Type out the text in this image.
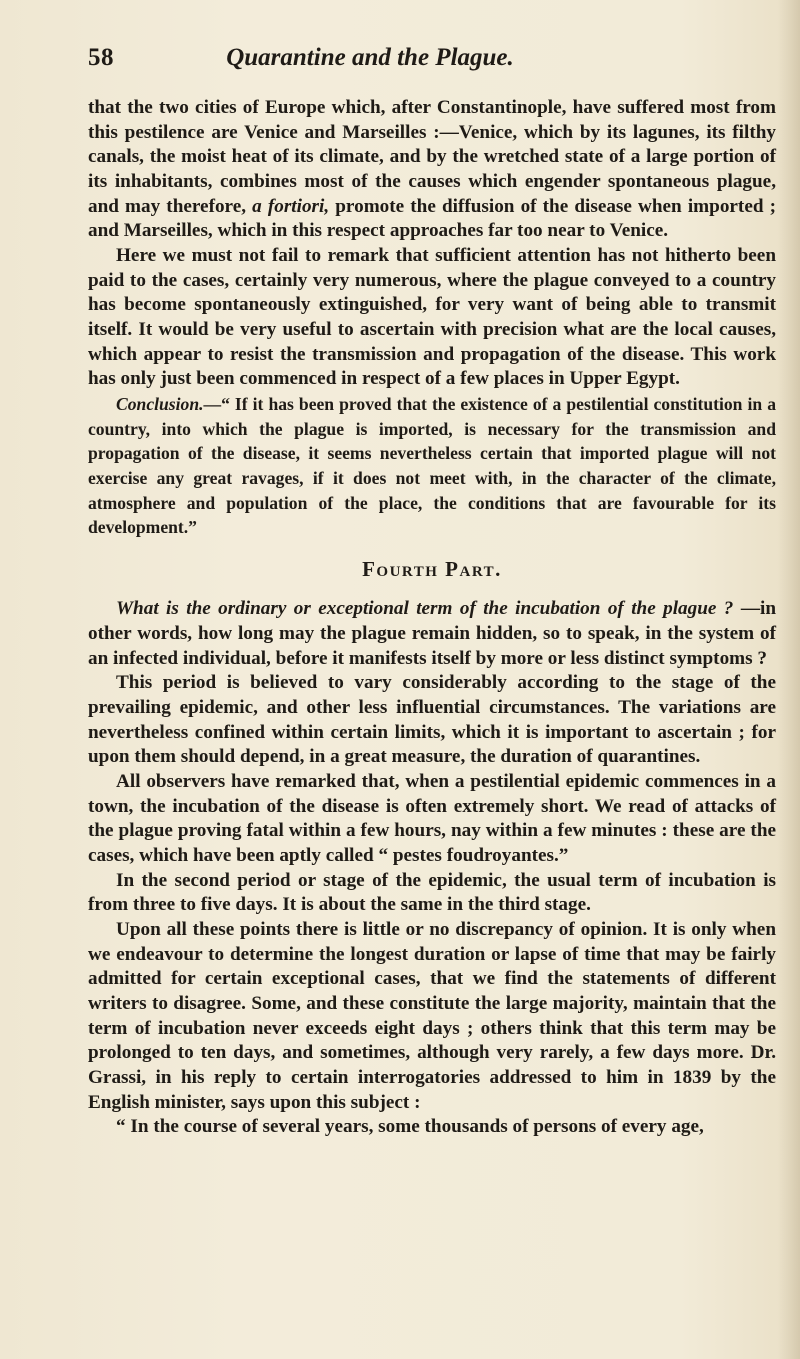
58	Quarantine and the Plague.

that the two cities of Europe which, after Constantinople, have suffered most from this pestilence are Venice and Marseilles :—Venice, which by its lagunes, its filthy canals, the moist heat of its climate, and by the wretched state of a large portion of its inhabitants, combines most of the causes which engender spontaneous plague, and may therefore, a fortiori, promote the diffusion of the disease when imported ; and Marseilles, which in this respect approaches far too near to Venice.

Here we must not fail to remark that sufficient attention has not hitherto been paid to the cases, certainly very numerous, where the plague conveyed to a country has become spontaneously extinguished, for very want of being able to transmit itself. It would be very useful to ascertain with precision what are the local causes, which appear to resist the transmission and propagation of the disease. This work has only just been commenced in respect of a few places in Upper Egypt.

Conclusion.—“ If it has been proved that the existence of a pestilential constitution in a country, into which the plague is imported, is necessary for the transmission and propagation of the disease, it seems nevertheless certain that imported plague will not exercise any great ravages, if it does not meet with, in the character of the climate, atmosphere and population of the place, the conditions that are favourable for its development.”

Fourth Part.

What is the ordinary or exceptional term of the incubation of the plague ? —in other words, how long may the plague remain hidden, so to speak, in the system of an infected individual, before it manifests itself by more or less distinct symptoms ?

This period is believed to vary considerably according to the stage of the prevailing epidemic, and other less influential circumstances. The variations are nevertheless confined within certain limits, which it is important to ascertain ; for upon them should depend, in a great measure, the duration of quarantines.

All observers have remarked that, when a pestilential epidemic commences in a town, the incubation of the disease is often extremely short. We read of attacks of the plague proving fatal within a few hours, nay within a few minutes : these are the cases, which have been aptly called “ pestes foudroyantes.”

In the second period or stage of the epidemic, the usual term of incubation is from three to five days. It is about the same in the third stage.

Upon all these points there is little or no discrepancy of opinion. It is only when we endeavour to determine the longest duration or lapse of time that may be fairly admitted for certain exceptional cases, that we find the statements of different writers to disagree. Some, and these constitute the large majority, maintain that the term of incubation never exceeds eight days ; others think that this term may be prolonged to ten days, and sometimes, although very rarely, a few days more. Dr. Grassi, in his reply to certain interrogatories addressed to him in 1839 by the English minister, says upon this subject :

“ In the course of several years, some thousands of persons of every age,
